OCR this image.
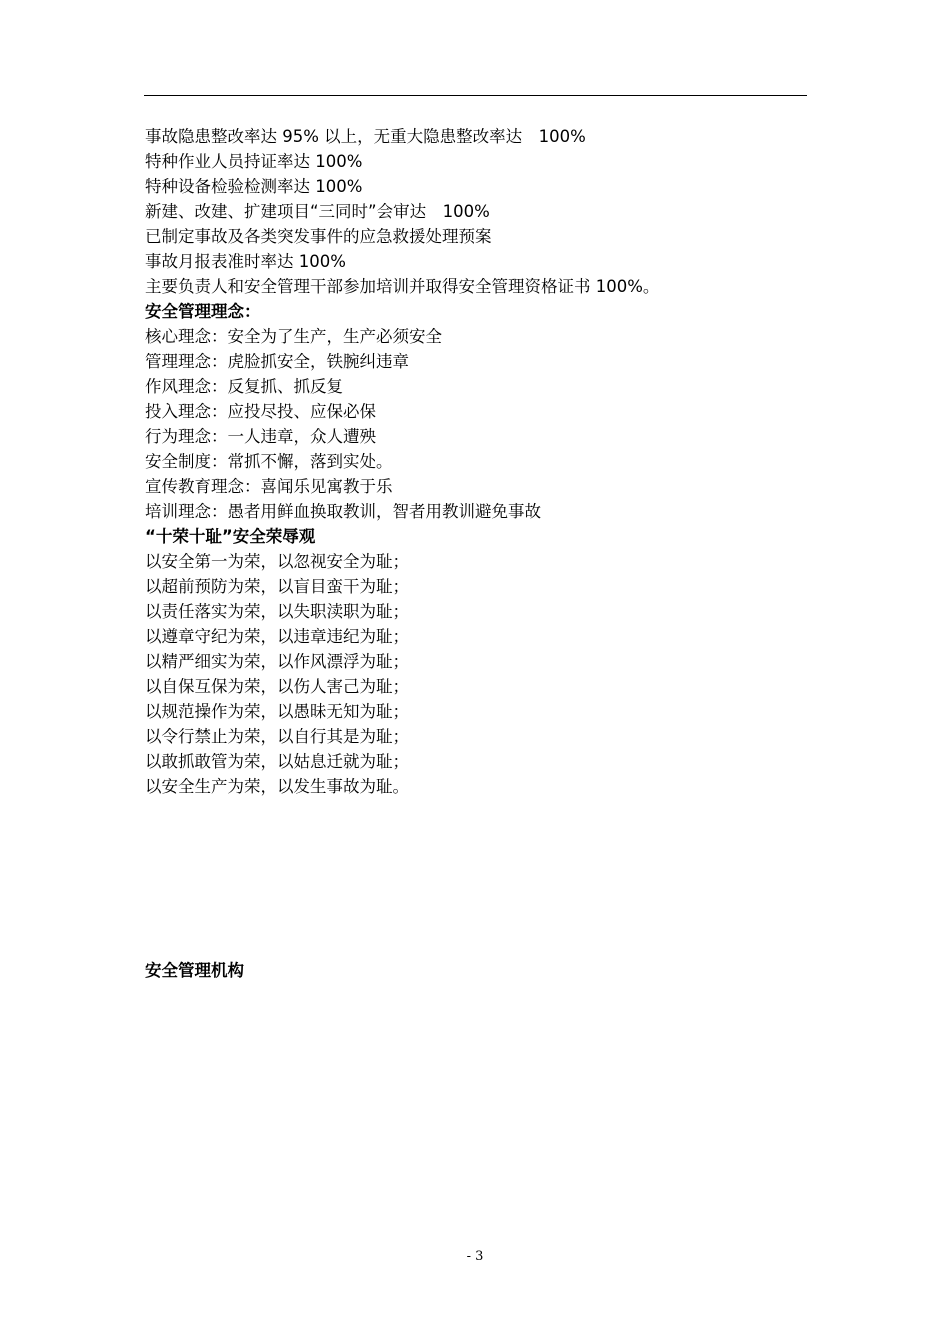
事故隐患整改率达 95% 以上，无重大隐患整改率达　100%
特种作业人员持证率达 100%
特种设备检验检测率达 100%
新建、改建、扩建项目“三同时”会审达　100%
已制定事故及各类突发事件的应急救援处理预案
事故月报表准时率达 100%
主要负责人和安全管理干部参加培训并取得安全管理资格证书 100%。
安全管理理念：
核心理念：安全为了生产，生产必须安全
管理理念：虎脸抓安全，铁腕纠违章
作风理念：反复抓、抓反复
投入理念：应投尽投、应保必保
行为理念：一人违章，众人遭殃
安全制度：常抓不懈，落到实处。
宣传教育理念：喜闻乐见寓教于乐
培训理念：愚者用鲜血换取教训，智者用教训避免事故
“十荣十耻”安全荣辱观
以安全第一为荣，以忽视安全为耻；
以超前预防为荣，以盲目蛮干为耻；
以责任落实为荣，以失职渎职为耻；
以遵章守纪为荣，以违章违纪为耻；
以精严细实为荣，以作风漂浮为耻；
以自保互保为荣，以伤人害己为耻；
以规范操作为荣，以愚昧无知为耻；
以令行禁止为荣，以自行其是为耻；
以敢抓敢管为荣，以姑息迁就为耻；
以安全生产为荣，以发生事故为耻。
安全管理机构
- 3
